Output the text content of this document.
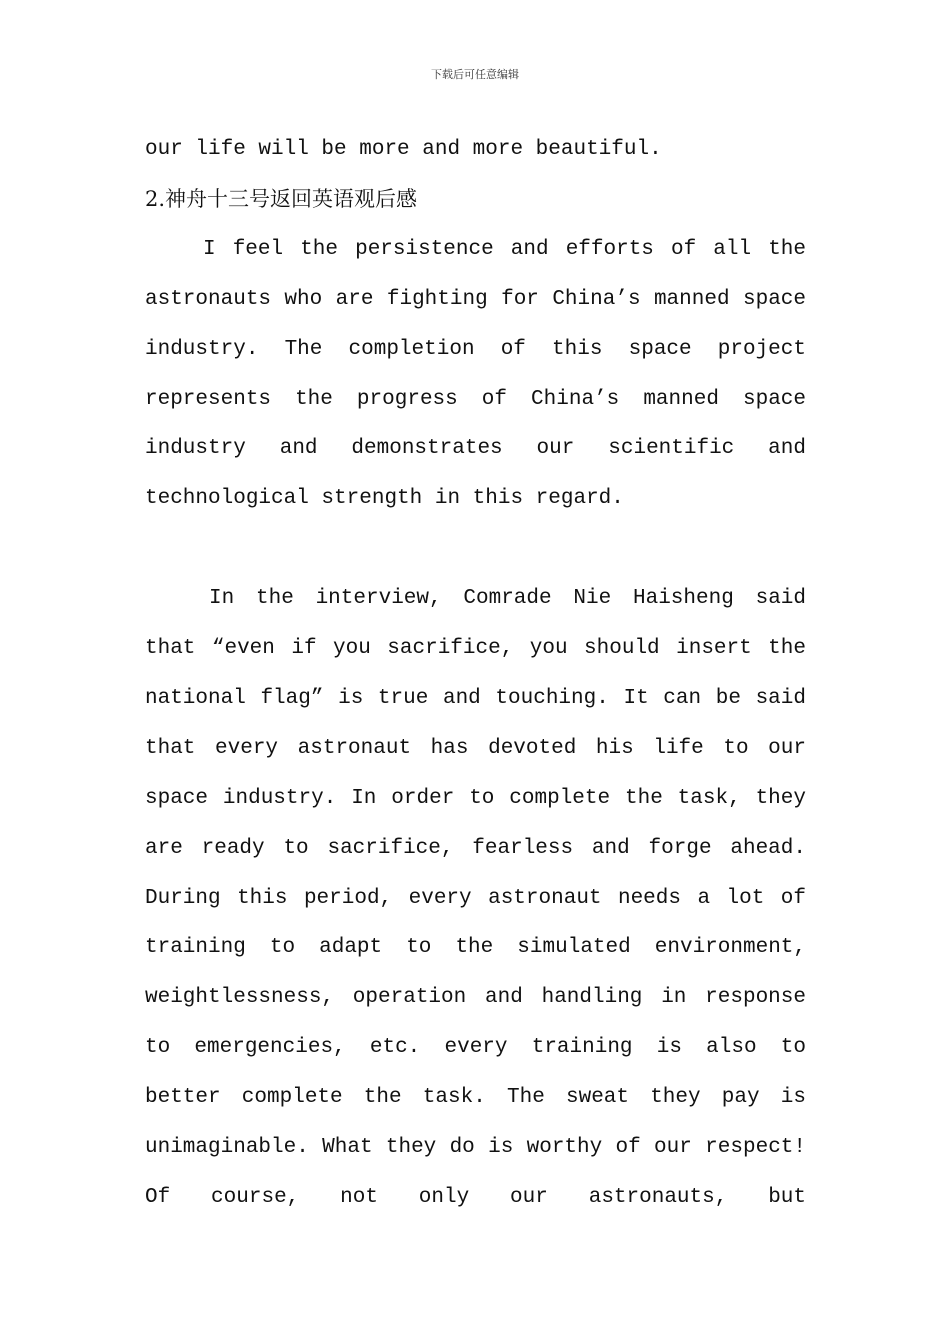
下载后可任意编辑

our life will be more and more beautiful.

2.神舟十三号返回英语观后感

I feel the persistence and efforts of all the astronauts who are fighting for China’s manned space industry. The completion of this space project represents the progress of China’s manned space industry and demonstrates our scientific and technological strength in this regard.

In the interview, Comrade Nie Haisheng said that “even if you sacrifice, you should insert the national flag” is true and touching. It can be said that every astronaut has devoted his life to our space industry. In order to complete the task, they are ready to sacrifice, fearless and forge ahead. During this period, every astronaut needs a lot of training to adapt to the simulated environment, weightlessness, operation and handling in response to emergencies, etc. every training is also to better complete the task. The sweat they pay is unimaginable. What they do is worthy of our respect! Of course, not only our astronauts, but
